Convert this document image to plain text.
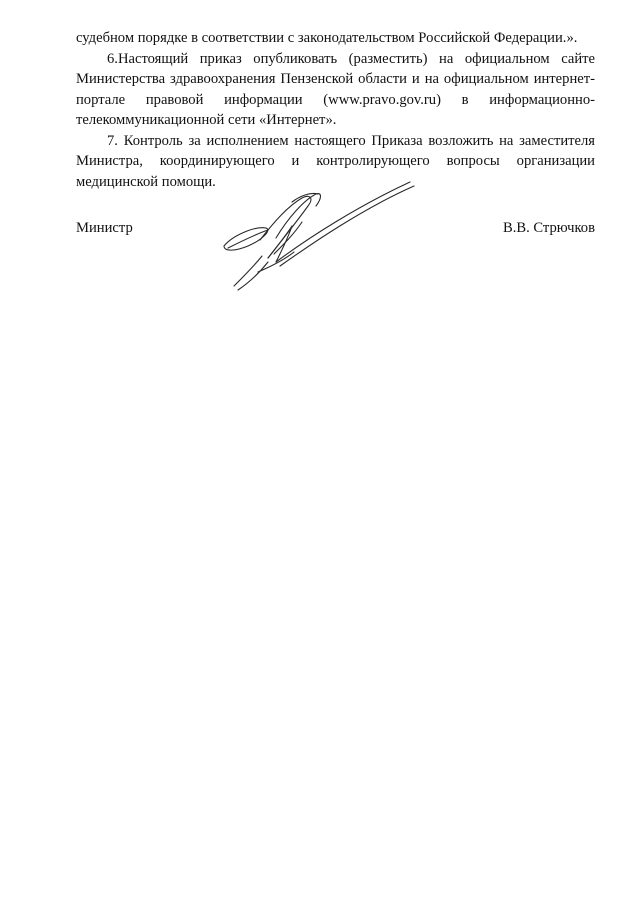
судебном порядке в соответствии с законодательством Российской Федерации.».

6.Настоящий приказ опубликовать (разместить) на официальном сайте Министерства здравоохранения Пензенской области и на официальном интернет-портале правовой информации (www.pravo.gov.ru) в информационно-телекоммуникационной сети «Интернет».

7. Контроль за исполнением настоящего Приказа возложить на заместителя Министра, координирующего и контролирующего вопросы организации медицинской помощи.

Министр	В.В. Стрючков
